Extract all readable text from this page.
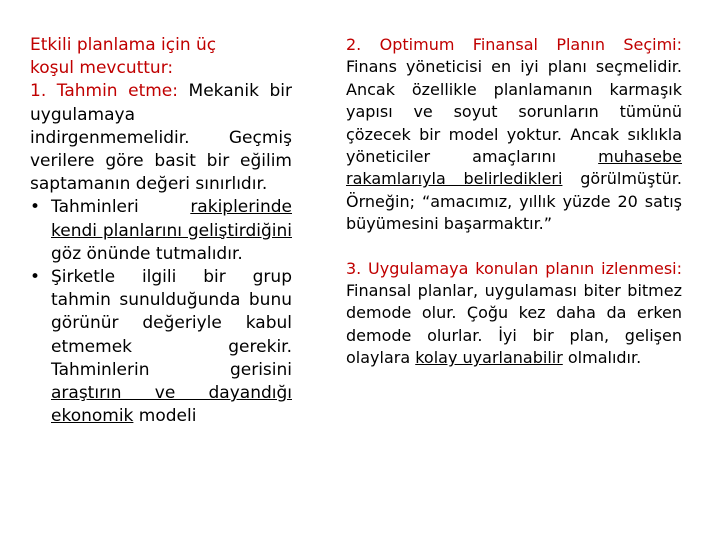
Etkili planlama için üç
koşul mevcuttur:

1. Tahmin etme: Mekanik bir uygulamaya indirgenmemelidir. Geçmiş verilere göre basit bir eğilim saptamanın değeri sınırlıdır.

• Tahminleri rakiplerinde kendi planlarını geliştirdiğini göz önünde tutmalıdır.

• Şirketle ilgili bir grup tahmin sunulduğunda bunu görünür değeriyle kabul etmemek gerekir. Tahminlerin gerisini araştırın ve dayandığı ekonomik modeli

2. Optimum Finansal Planın Seçimi: Finans yöneticisi en iyi planı seçmelidir. Ancak özellikle planlamanın karmaşık yapısı ve soyut sorunların tümünü çözecek bir model yoktur. Ancak sıklıkla yöneticiler amaçlarını muhasebe rakamlarıyla belirledikleri görülmüştür. Örneğin; “amacımız, yıllık yüzde 20 satış büyümesini başarmaktır.”

3. Uygulamaya konulan planın izlenmesi: Finansal planlar, uygulaması biter bitmez demode olur. Çoğu kez daha da erken demode olurlar. İyi bir plan, gelişen olaylara kolay uyarlanabilir olmalıdır.
